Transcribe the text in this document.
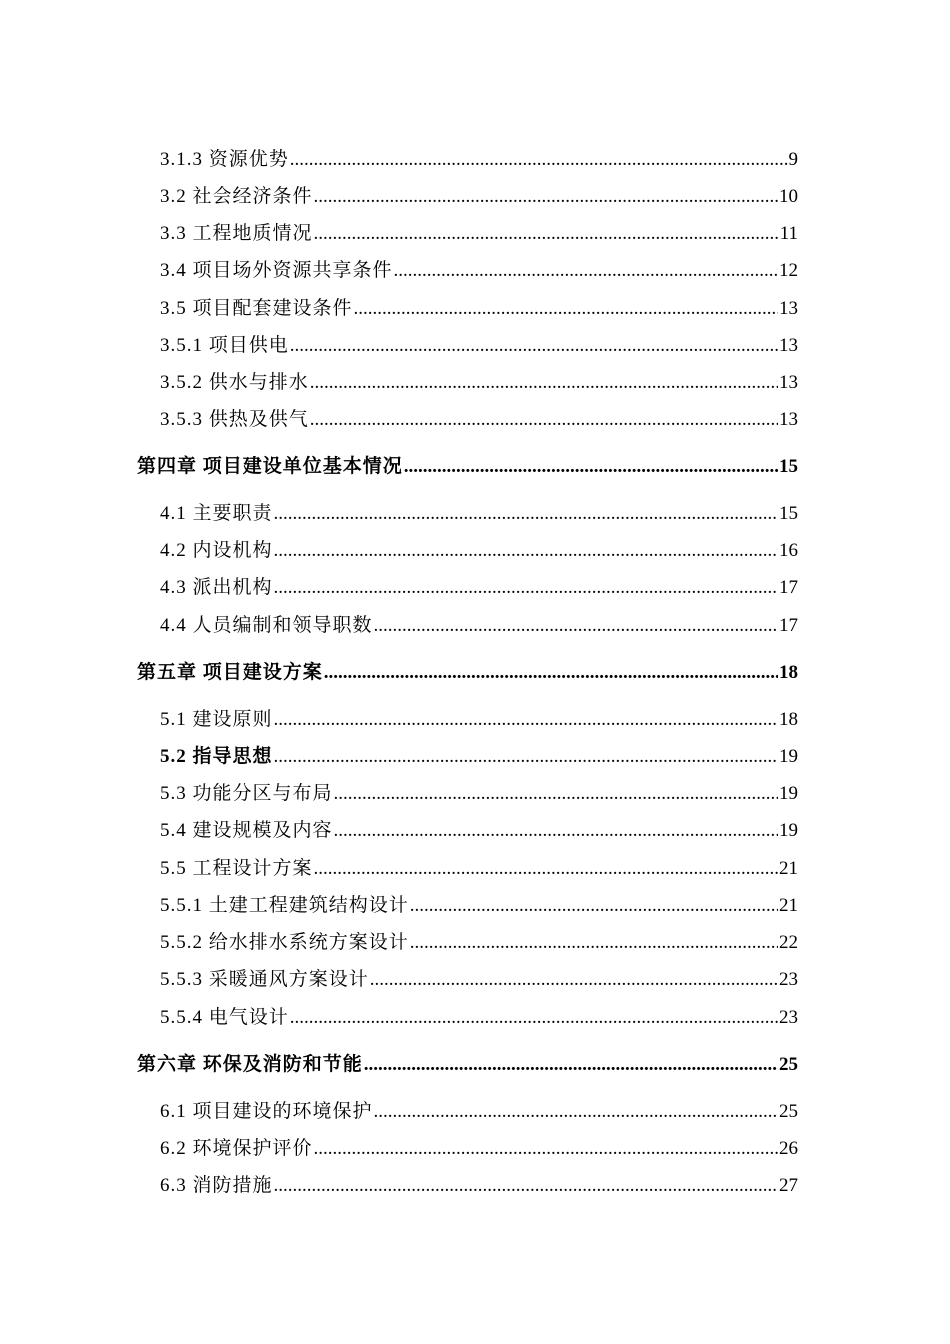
3.1.3 资源优势 .....	9
3.2 社会经济条件 .....	10
3.3 工程地质情况 .....	11
3.4 项目场外资源共享条件 .....	12
3.5 项目配套建设条件 .....	13
3.5.1 项目供电 .....	13
3.5.2 供水与排水 .....	13
3.5.3 供热及供气 .....	13
第四章 项目建设单位基本情况 .....	15
4.1 主要职责 .....	15
4.2 内设机构 .....	16
4.3 派出机构 .....	17
4.4 人员编制和领导职数 .....	17
第五章 项目建设方案 .....	18
5.1 建设原则 .....	18
5.2 指导思想 .....	19
5.3 功能分区与布局 .....	19
5.4 建设规模及内容 .....	19
5.5 工程设计方案 .....	21
5.5.1 土建工程建筑结构设计 .....	21
5.5.2 给水排水系统方案设计 .....	22
5.5.3 采暖通风方案设计 .....	23
5.5.4 电气设计 .....	23
第六章 环保及消防和节能 .....	25
6.1 项目建设的环境保护 .....	25
6.2 环境保护评价 .....	26
6.3 消防措施 .....	27
